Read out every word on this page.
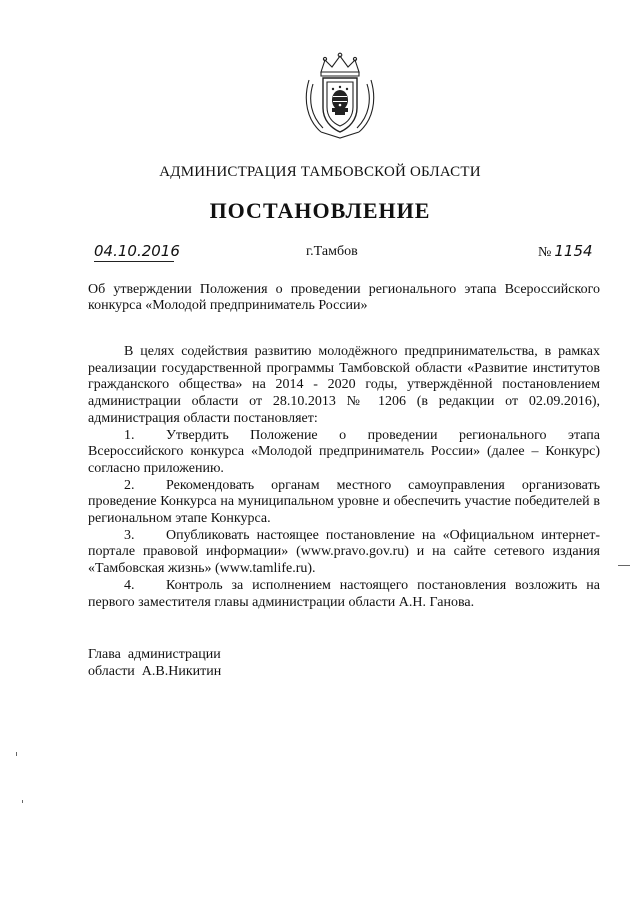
АДМИНИСТРАЦИЯ ТАМБОВСКОЙ ОБЛАСТИ
ПОСТАНОВЛЕНИЕ
04.10.2016	г.Тамбов	№ 1154
Об утверждении Положения о проведении регионального этапа Всероссийского конкурса «Молодой предприниматель России»

В целях содействия развитию молодёжного предпринимательства, в рамках реализации государственной программы Тамбовской области «Развитие институтов гражданского общества» на 2014 - 2020 годы, утверждённой постановлением администрации области от 28.10.2013 № 1206 (в редакции от 02.09.2016), администрация области постановляет:

1. Утвердить Положение о проведении регионального этапа Всероссийского конкурса «Молодой предприниматель России» (далее – Конкурс) согласно приложению.
2. Рекомендовать органам местного самоуправления организовать проведение Конкурса на муниципальном уровне и обеспечить участие победителей в региональном этапе Конкурса.
3. Опубликовать настоящее постановление на «Официальном интернет-портале правовой информации» (www.pravo.gov.ru) и на сайте сетевого издания «Тамбовская жизнь» (www.tamlife.ru).
4. Контроль за исполнением настоящего постановления возложить на первого заместителя главы администрации области А.Н. Ганова.
Глава  администрации
области  А.В.Никитин
